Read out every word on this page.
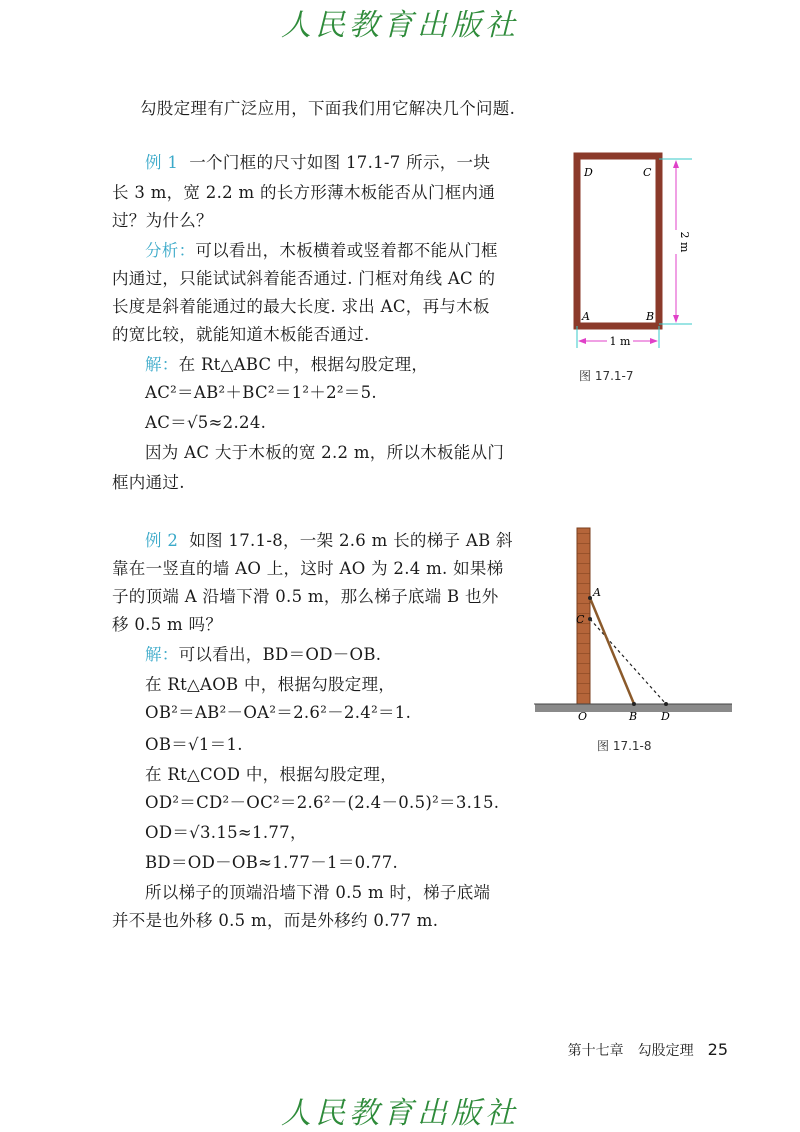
人民教育出版社
勾股定理有广泛应用，下面我们用它解决几个问题.
例 1 一个门框的尺寸如图 17.1-7 所示，一块
长 3 m，宽 2.2 m 的长方形薄木板能否从门框内通
过？为什么？
分析：可以看出，木板横着或竖着都不能从门框
内通过，只能试试斜着能否通过. 门框对角线 AC 的
长度是斜着能通过的最大长度. 求出 AC，再与木板
的宽比较，就能知道木板能否通过.
解：在 Rt△ABC 中，根据勾股定理，
AC²＝AB²＋BC²＝1²＋2²＝5.
AC＝√5≈2.24.
因为 AC 大于木板的宽 2.2 m，所以木板能从门
框内通过.
D	C
A	B
2 m
1 m
图 17.1-7
例 2 如图 17.1-8，一架 2.6 m 长的梯子 AB 斜
靠在一竖直的墙 AO 上，这时 AO 为 2.4 m. 如果梯
子的顶端 A 沿墙下滑 0.5 m，那么梯子底端 B 也外
移 0.5 m 吗？
解：可以看出，BD＝OD－OB.
在 Rt△AOB 中，根据勾股定理，
OB²＝AB²－OA²＝2.6²－2.4²＝1.
OB＝√1＝1.
在 Rt△COD 中，根据勾股定理，
OD²＝CD²－OC²＝2.6²－(2.4－0.5)²＝3.15.
OD＝√3.15≈1.77，
BD＝OD－OB≈1.77－1＝0.77.
所以梯子的顶端沿墙下滑 0.5 m 时，梯子底端
并不是也外移 0.5 m，而是外移约 0.77 m.
A
C
O	B D
图 17.1-8
第十七章　勾股定理 25
人民教育出版社
